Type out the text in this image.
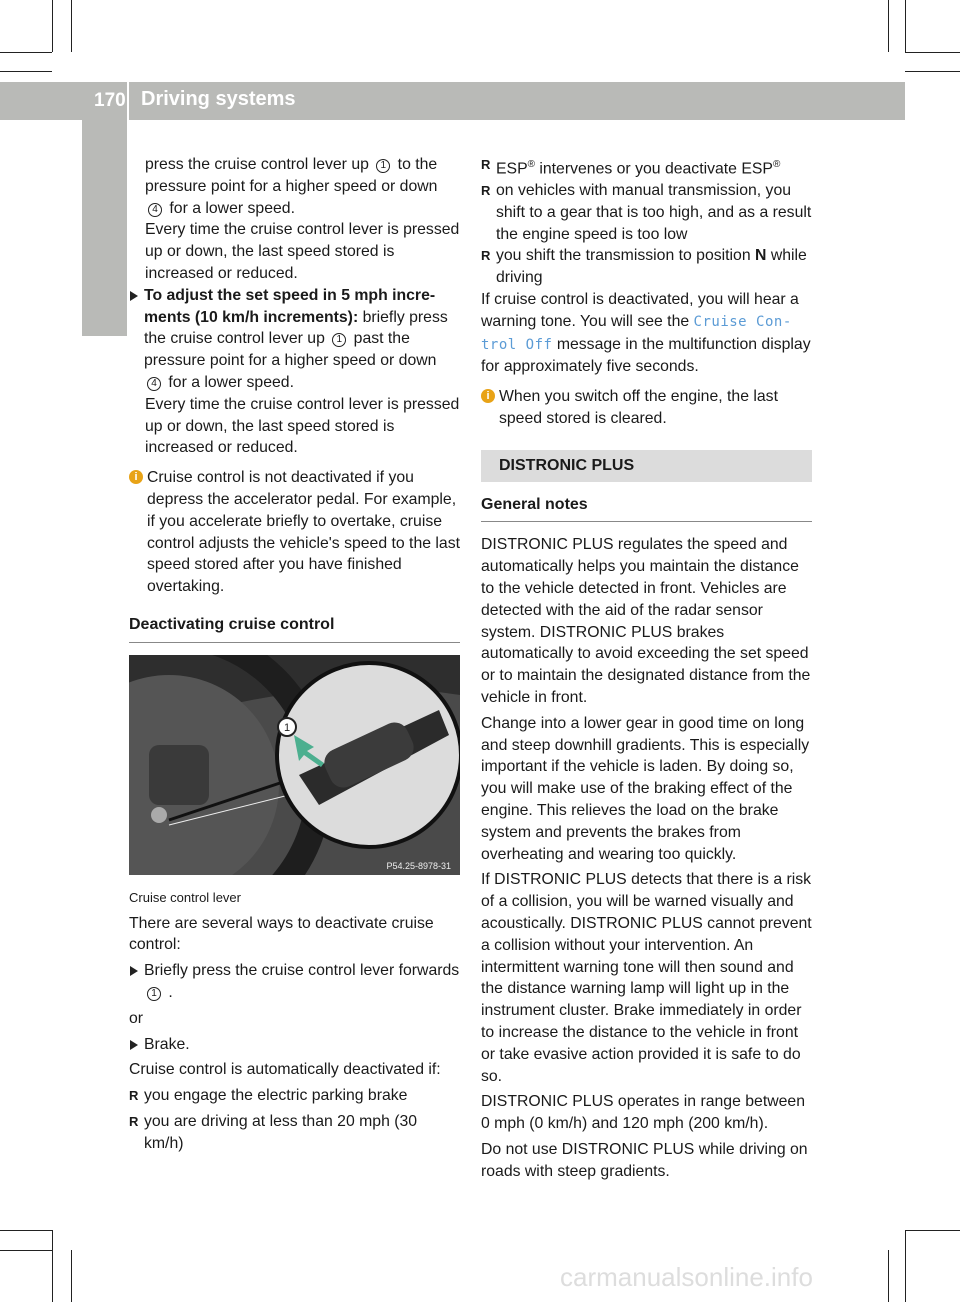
170 Driving systems
Driving and parking

press the cruise control lever up 1 to the pressure point for a higher speed or down 4 for a lower speed.

Every time the cruise control lever is pressed up or down, the last speed stored is increased or reduced.

To adjust the set speed in 5 mph increments (10 km/h increments): briefly press the cruise control lever up 1 past the pressure point for a higher speed or down 4 for a lower speed.

Every time the cruise control lever is pressed up or down, the last speed stored is increased or reduced.

i Cruise control is not deactivated if you depress the accelerator pedal. For example, if you accelerate briefly to overtake, cruise control adjusts the vehicle's speed to the last speed stored after you have finished overtaking.

Deactivating cruise control

1
P54.25-8978-31

Cruise control lever

There are several ways to deactivate cruise control:

Briefly press the cruise control lever forwards 1 .

or

Brake.

Cruise control is automatically deactivated if:

R you engage the electric parking brake

R you are driving at less than 20 mph (30 km/h)

R ESP® intervenes or you deactivate ESP®

R on vehicles with manual transmission, you shift to a gear that is too high, and as a result the engine speed is too low

R you shift the transmission to position N while driving

If cruise control is deactivated, you will hear a warning tone. You will see the Cruise Control Off message in the multifunction display for approximately five seconds.

i When you switch off the engine, the last speed stored is cleared.

DISTRONIC PLUS

General notes

DISTRONIC PLUS regulates the speed and automatically helps you maintain the distance to the vehicle detected in front. Vehicles are detected with the aid of the radar sensor system. DISTRONIC PLUS brakes automatically to avoid exceeding the set speed or to maintain the designated distance from the vehicle in front.

Change into a lower gear in good time on long and steep downhill gradients. This is especially important if the vehicle is laden. By doing so, you will make use of the braking effect of the engine. This relieves the load on the brake system and prevents the brakes from overheating and wearing too quickly.

If DISTRONIC PLUS detects that there is a risk of a collision, you will be warned visually and acoustically. DISTRONIC PLUS cannot prevent a collision without your intervention. An intermittent warning tone will then sound and the distance warning lamp will light up in the instrument cluster. Brake immediately in order to increase the distance to the vehicle in front or take evasive action provided it is safe to do so.

DISTRONIC PLUS operates in range between 0 mph (0 km/h) and 120 mph (200 km/h).

Do not use DISTRONIC PLUS while driving on roads with steep gradients.

carmanualsonline.info
